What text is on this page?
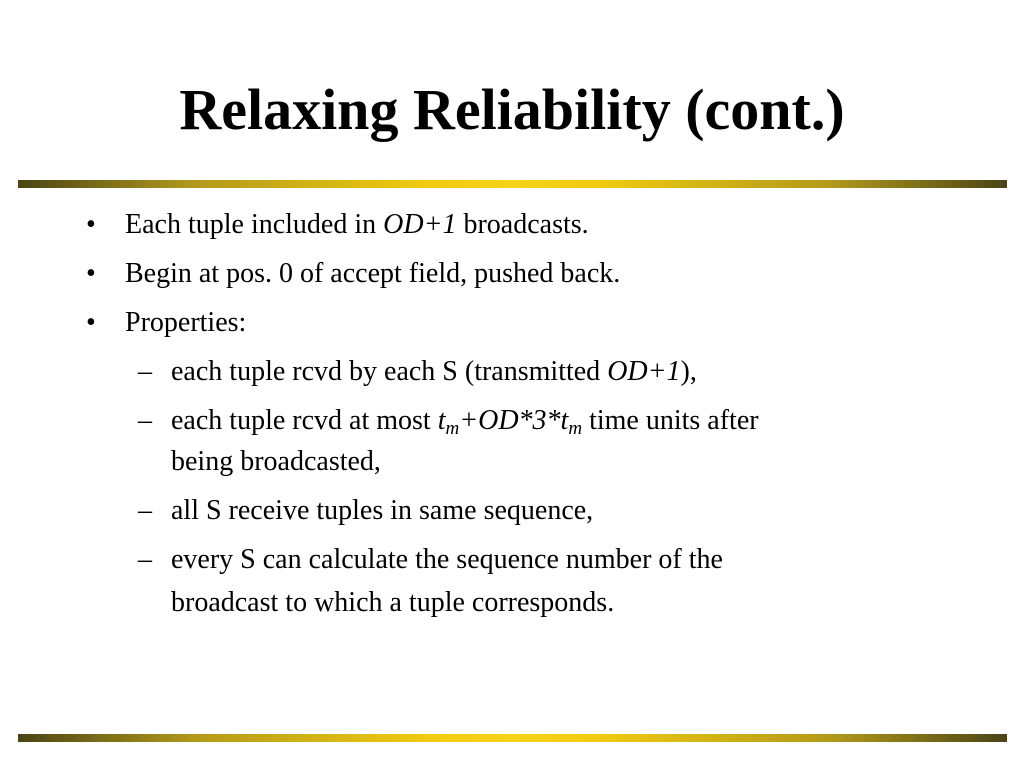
Relaxing Reliability (cont.)
• Each tuple included in OD+1 broadcasts.
• Begin at pos. 0 of accept field, pushed back.
• Properties:
– each tuple rcvd by each S (transmitted OD+1),
– each tuple rcvd at most $t_m+OD*3*t_m$ time units after
being broadcasted,
– all S receive tuples in same sequence,
– every S can calculate the sequence number of the
broadcast to which a tuple corresponds.
